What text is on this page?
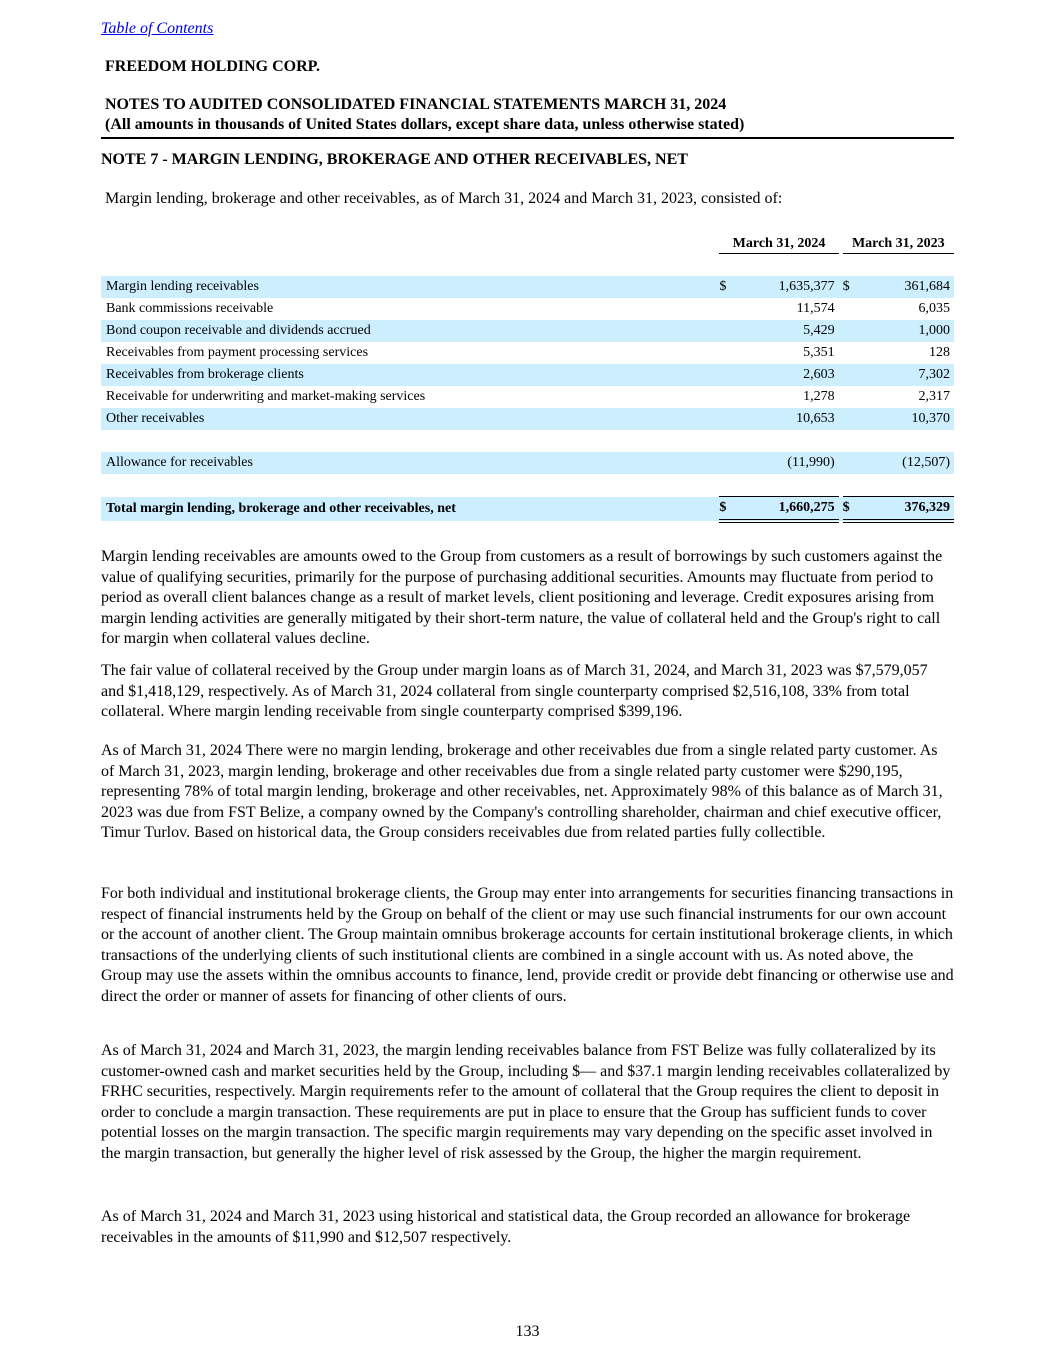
Table of Contents
FREEDOM HOLDING CORP.
NOTES TO AUDITED CONSOLIDATED FINANCIAL STATEMENTS MARCH 31, 2024
(All amounts in thousands of United States dollars, except share data, unless otherwise stated)
NOTE 7 - MARGIN LENDING, BROKERAGE AND OTHER RECEIVABLES, NET
Margin lending, brokerage and other receivables, as of March 31, 2024 and March 31, 2023, consisted of:
	March 31, 2024			March 31, 2023	

Margin lending receivables	$	1,635,377		$	361,684
Bank commissions receivable		11,574			6,035
Bond coupon receivable and dividends accrued		5,429			1,000
Receivables from payment processing services		5,351			128
Receivables from brokerage clients		2,603			7,302
Receivable for underwriting and market-making services		1,278			2,317
Other receivables		10,653			10,370

Allowance for receivables		(11,990)			(12,507)

Total margin lending, brokerage and other receivables, net	$	1,660,275		$	376,329

Margin lending receivables are amounts owed to the Group from customers as a result of borrowings by such customers against the value of qualifying securities, primarily for the purpose of purchasing additional securities. Amounts may fluctuate from period to period as overall client balances change as a result of market levels, client positioning and leverage. Credit exposures arising from margin lending activities are generally mitigated by their short-term nature, the value of collateral held and the Group's right to call for margin when collateral values decline.

The fair value of collateral received by the Group under margin loans as of March 31, 2024, and March 31, 2023 was $7,579,057 and $1,418,129, respectively. As of March 31, 2024 collateral from single counterparty comprised $2,516,108, 33% from total collateral. Where margin lending receivable from single counterparty comprised $399,196.

As of March 31, 2024 There were no margin lending, brokerage and other receivables due from a single related party customer. As of March 31, 2023, margin lending, brokerage and other receivables due from a single related party customer were $290,195, representing 78% of total margin lending, brokerage and other receivables, net. Approximately 98% of this balance as of March 31, 2023 was due from FST Belize, a company owned by the Company's controlling shareholder, chairman and chief executive officer, Timur Turlov. Based on historical data, the Group considers receivables due from related parties fully collectible.

For both individual and institutional brokerage clients, the Group may enter into arrangements for securities financing transactions in respect of financial instruments held by the Group on behalf of the client or may use such financial instruments for our own account or the account of another client. The Group maintain omnibus brokerage accounts for certain institutional brokerage clients, in which transactions of the underlying clients of such institutional clients are combined in a single account with us. As noted above, the Group may use the assets within the omnibus accounts to finance, lend, provide credit or provide debt financing or otherwise use and direct the order or manner of assets for financing of other clients of ours.

As of March 31, 2024 and March 31, 2023, the margin lending receivables balance from FST Belize was fully collateralized by its customer-owned cash and market securities held by the Group, including $— and $37.1 margin lending receivables collateralized by FRHC securities, respectively. Margin requirements refer to the amount of collateral that the Group requires the client to deposit in order to conclude a margin transaction. These requirements are put in place to ensure that the Group has sufficient funds to cover potential losses on the margin transaction. The specific margin requirements may vary depending on the specific asset involved in the margin transaction, but generally the higher level of risk assessed by the Group, the higher the margin requirement.

As of March 31, 2024 and March 31, 2023 using historical and statistical data, the Group recorded an allowance for brokerage receivables in the amounts of $11,990 and $12,507 respectively.

133
